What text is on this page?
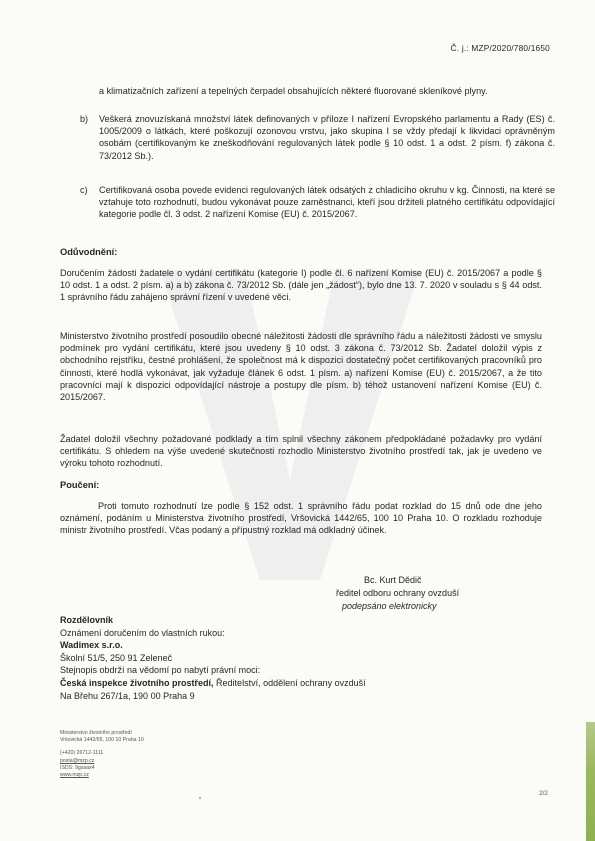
Č. j.: MZP/2020/780/1650
a klimatizačních zařízení a tepelných čerpadel obsahujících některé fluorované skleníkové plyny.
b) Veškerá znovuzískaná množství látek definovaných v příloze I nařízení Evropského parlamentu a Rady (ES) č. 1005/2009 o látkách, které poškozují ozonovou vrstvu, jako skupina I se vždy předají k likvidaci oprávněným osobám (certifikovaným ke zneškodňování regulovaných látek podle § 10 odst. 1 a odst. 2 písm. f) zákona č. 73/2012 Sb.).
c) Certifikovaná osoba povede evidenci regulovaných látek odsátých z chladicího okruhu v kg. Činnosti, na které se vztahuje toto rozhodnutí, budou vykonávat pouze zaměstnanci, kteří jsou držiteli platného certifikátu odpovídající kategorie podle čl. 3 odst. 2 nařízení Komise (EU) č. 2015/2067.
Odůvodnění:
Doručením žádosti žadatele o vydání certifikátu (kategorie I) podle čl. 6 nařízení Komise (EU) č. 2015/2067 a podle § 10 odst. 1 a odst. 2 písm. a) a b) zákona č. 73/2012 Sb. (dále jen „žádost“), bylo dne 13. 7. 2020 v souladu s § 44 odst. 1 správního řádu zahájeno správní řízení v uvedené věci.
Ministerstvo životního prostředí posoudilo obecné náležitosti žádosti dle správního řádu a náležitosti žádosti ve smyslu podmínek pro vydání certifikátu, které jsou uvedeny § 10 odst. 3 zákona č. 73/2012 Sb. Žadatel doložil výpis z obchodního rejstříku, čestné prohlášení, že společnost má k dispozici dostatečný počet certifikovaných pracovníků pro činnosti, které hodlá vykonávat, jak vyžaduje článek 6 odst. 1 písm. a) nařízení Komise (EU) č. 2015/2067, a že tito pracovníci mají k dispozici odpovídající nástroje a postupy dle písm. b) téhož ustanovení nařízení Komise (EU) č. 2015/2067.
Žadatel doložil všechny požadované podklady a tím splnil všechny zákonem předpokládané požadavky pro vydání certifikátu. S ohledem na výše uvedené skutečnosti rozhodlo Ministerstvo životního prostředí tak, jak je uvedeno ve výroku tohoto rozhodnutí.
Poučení:
Proti tomuto rozhodnutí lze podle § 152 odst. 1 správního řádu podat rozklad do 15 dnů ode dne jeho oznámení, podáním u Ministerstva životního prostředí, Vršovická 1442/65, 100 10 Praha 10. O rozkladu rozhoduje ministr životního prostředí. Včas podaný a přípustný rozklad má odkladný účinek.
Bc. Kurt Dědič
ředitel odboru ochrany ovzduší
podepsáno elektronicky
Rozdělovník
Oznámení doručením do vlastních rukou:
Wadimex s.r.o.
Školní 51/5, 250 91 Zeleneč
Stejnopis obdrží na vědomí po nabytí právní moci:
Česká inspekce životního prostředí, Ředitelství, oddělení ochrany ovzduší
Na Břehu 267/1a, 190 00 Praha 9
Ministerstvo životního prostředí
Vršovická 1442/65, 100 10 Praha 10
(+420) 26712-1111
posta@mzp.cz
ISDS: 9gsaax4
www.mzp.cz
2/2
